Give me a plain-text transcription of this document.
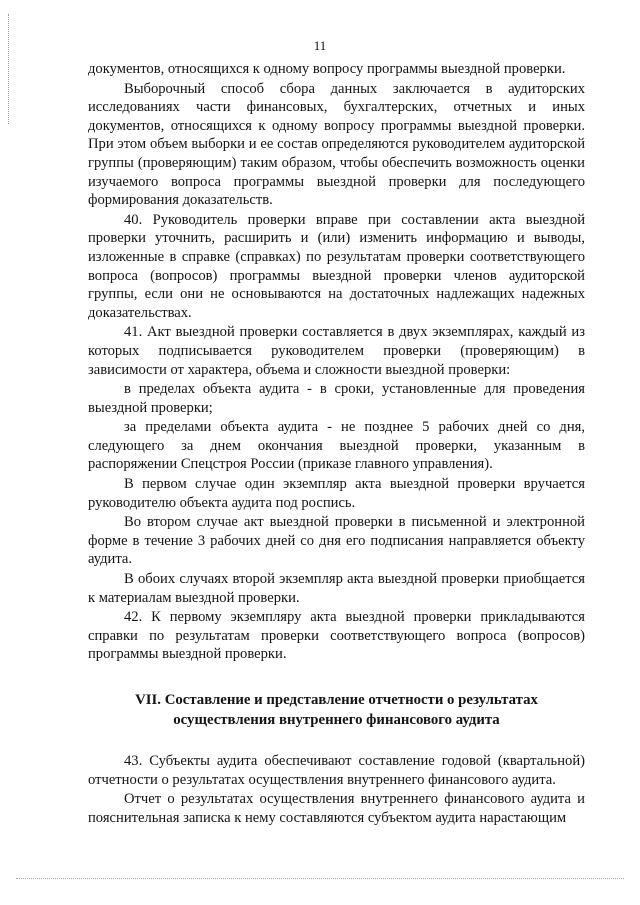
11

документов, относящихся к одному вопросу программы выездной проверки.

Выборочный способ сбора данных заключается в аудиторских исследованиях части финансовых, бухгалтерских, отчетных и иных документов, относящихся к одному вопросу программы выездной проверки. При этом объем выборки и ее состав определяются руководителем аудиторской группы (проверяющим) таким образом, чтобы обеспечить возможность оценки изучаемого вопроса программы выездной проверки для последующего формирования доказательств.

40. Руководитель проверки вправе при составлении акта выездной проверки уточнить, расширить и (или) изменить информацию и выводы, изложенные в справке (справках) по результатам проверки соответствующего вопроса (вопросов) программы выездной проверки членов аудиторской группы, если они не основываются на достаточных надлежащих надежных доказательствах.

41. Акт выездной проверки составляется в двух экземплярах, каждый из которых подписывается руководителем проверки (проверяющим) в зависимости от характера, объема и сложности выездной проверки:

в пределах объекта аудита - в сроки, установленные для проведения выездной проверки;

за пределами объекта аудита - не позднее 5 рабочих дней со дня, следующего за днем окончания выездной проверки, указанным в распоряжении Спецстроя России (приказе главного управления).

В первом случае один экземпляр акта выездной проверки вручается руководителю объекта аудита под роспись.

Во втором случае акт выездной проверки в письменной и электронной форме в течение 3 рабочих дней со дня его подписания направляется объекту аудита.

В обоих случаях второй экземпляр акта выездной проверки приобщается к материалам выездной проверки.

42. К первому экземпляру акта выездной проверки прикладываются справки по результатам проверки соответствующего вопроса (вопросов) программы выездной проверки.

VII. Составление и представление отчетности о результатах
осуществления внутреннего финансового аудита

43. Субъекты аудита обеспечивают составление годовой (квартальной) отчетности о результатах осуществления внутреннего финансового аудита.

Отчет о результатах осуществления внутреннего финансового аудита и пояснительная записка к нему составляются субъектом аудита нарастающим
